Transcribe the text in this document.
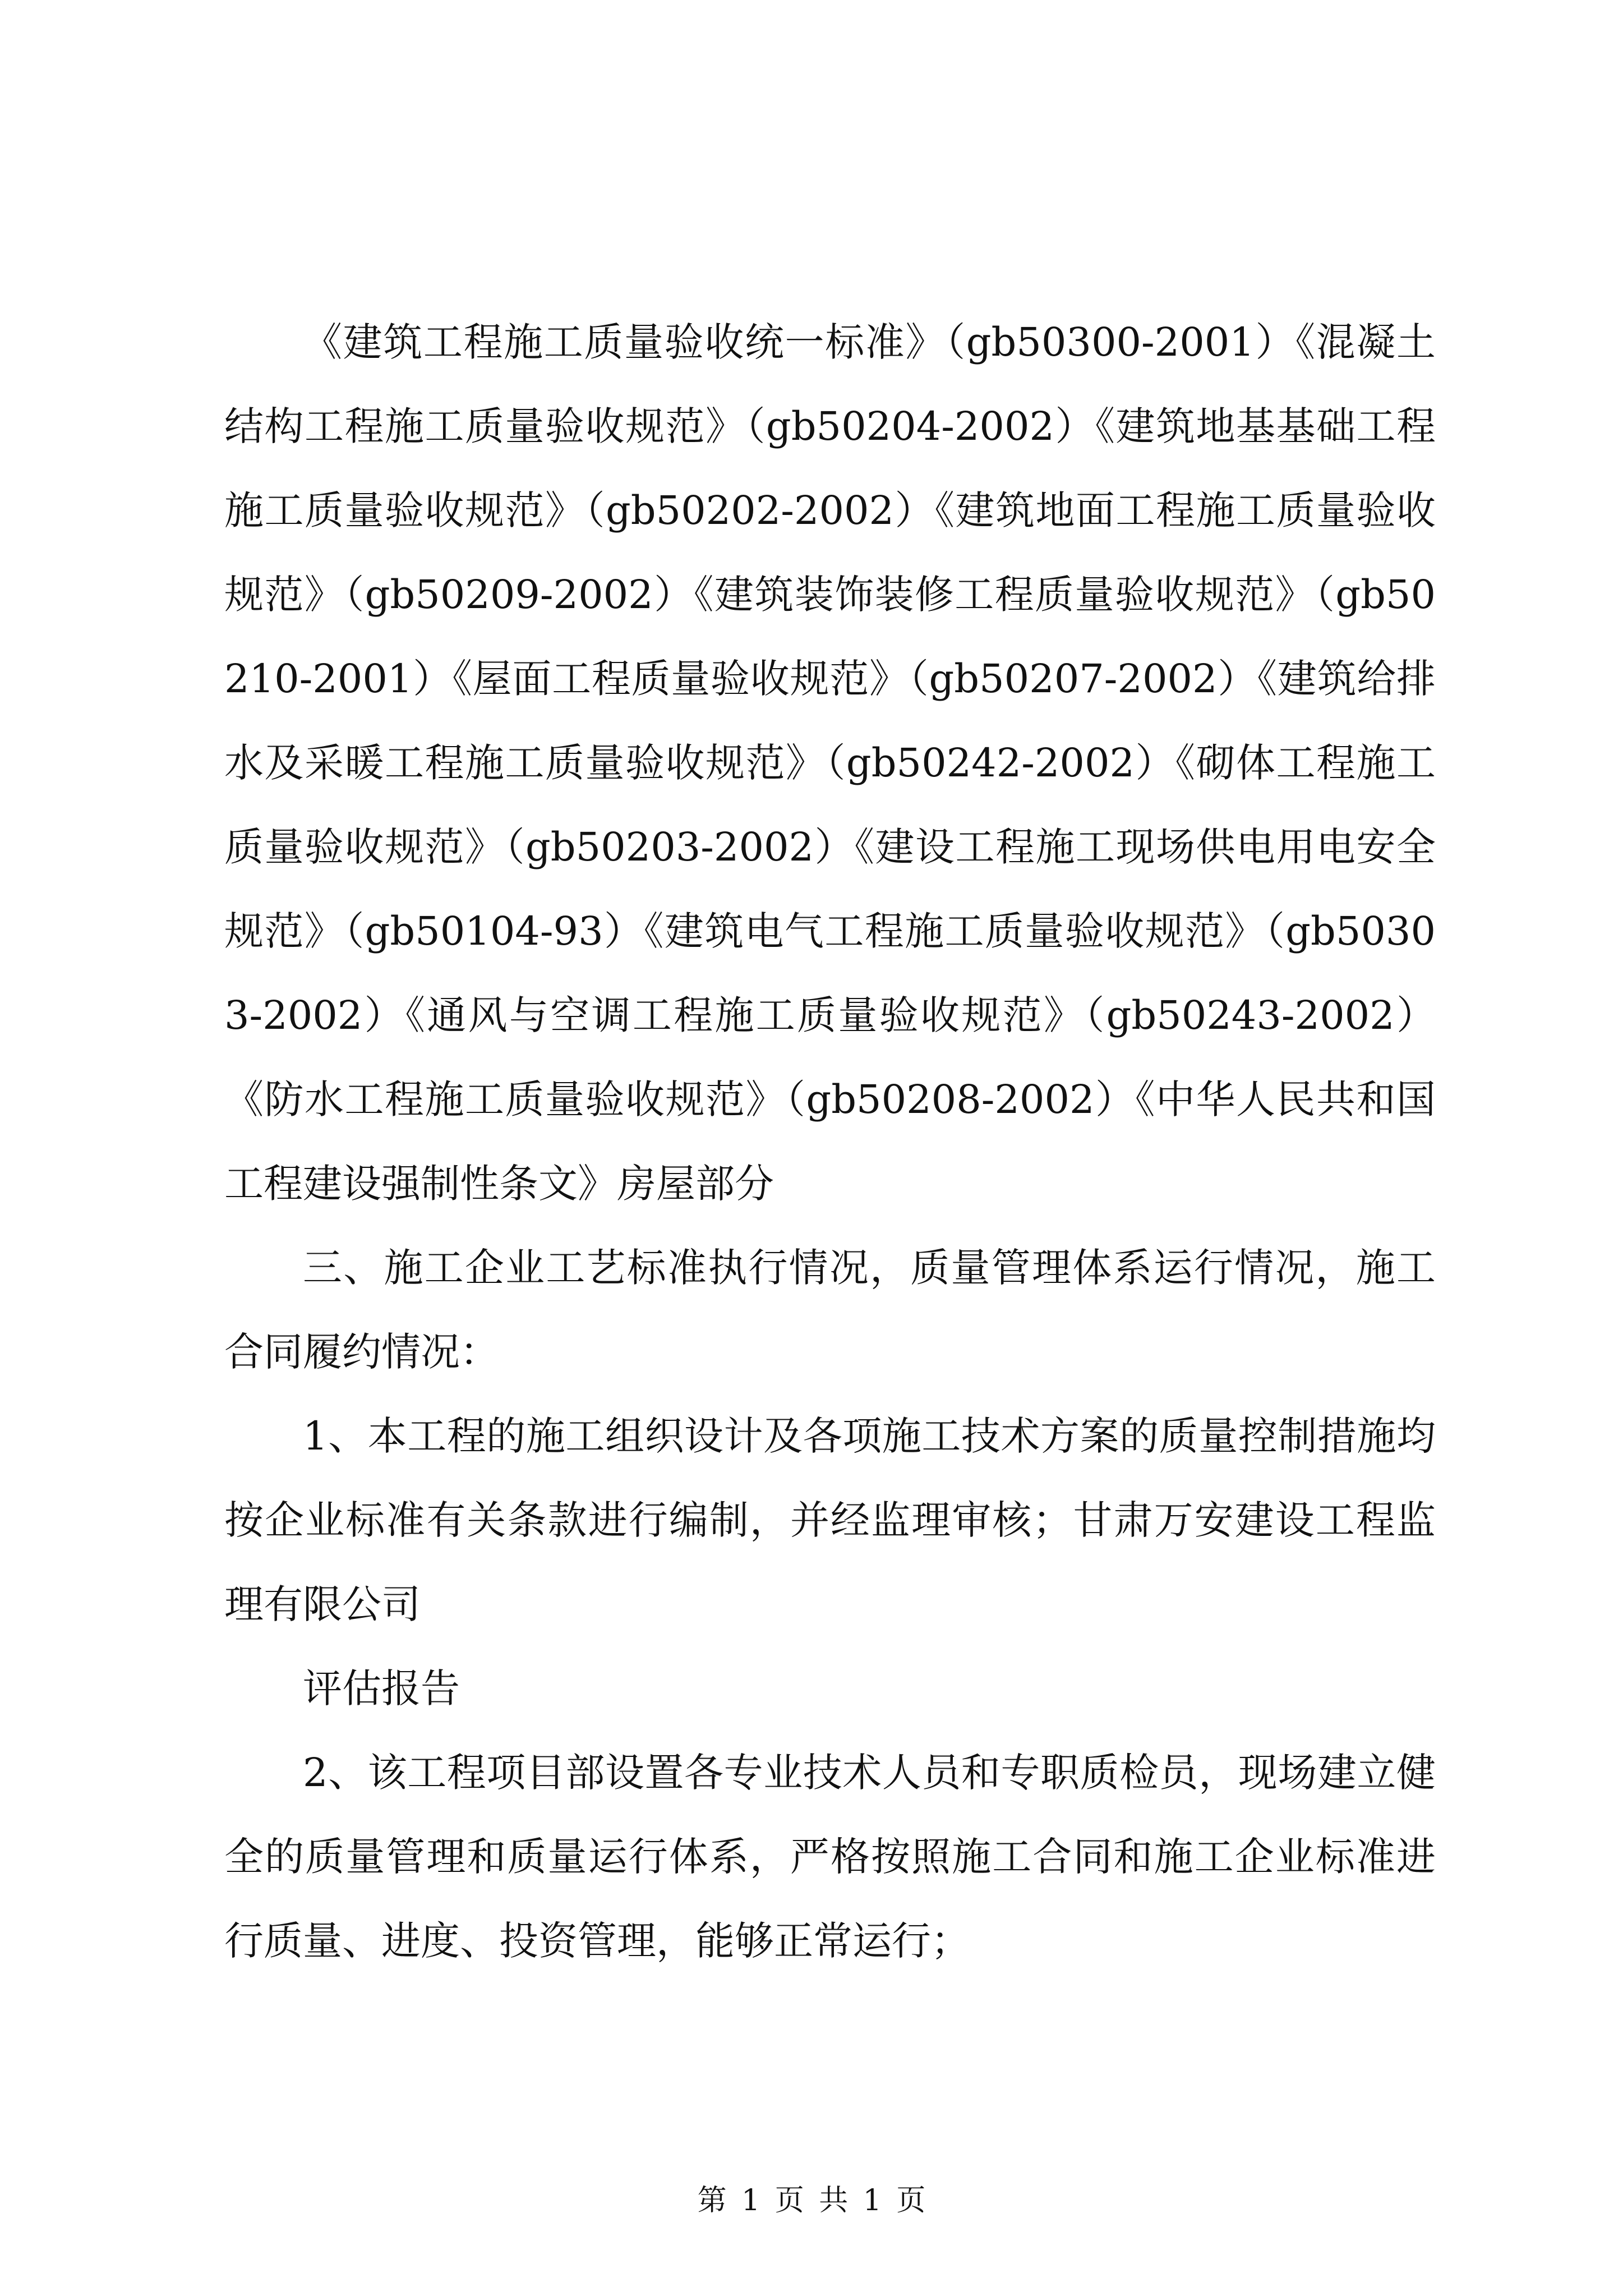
《建筑工程施工质量验收统一标准》（gb50300-2001）《混凝土结构工程施工质量验收规范》（gb50204-2002）《建筑地基基础工程施工质量验收规范》（gb50202-2002）《建筑地面工程施工质量验收规范》（gb50209-2002）《建筑装饰装修工程质量验收规范》（gb50210-2001）《屋面工程质量验收规范》（gb50207-2002）《建筑给排水及采暖工程施工质量验收规范》（gb50242-2002）《砌体工程施工质量验收规范》（gb50203-2002）《建设工程施工现场供电用电安全规范》（gb50104-93）《建筑电气工程施工质量验收规范》（gb50303-2002）《通风与空调工程施工质量验收规范》（gb50243-2002）《防水工程施工质量验收规范》（gb50208-2002）《中华人民共和国工程建设强制性条文》房屋部分

三、施工企业工艺标准执行情况，质量管理体系运行情况，施工合同履约情况：

1、本工程的施工组织设计及各项施工技术方案的质量控制措施均按企业标准有关条款进行编制，并经监理审核；甘肃万安建设工程监理有限公司

评估报告

2、该工程项目部设置各专业技术人员和专职质检员，现场建立健全的质量管理和质量运行体系，严格按照施工合同和施工企业标准进行质量、进度、投资管理，能够正常运行；

第 1 页 共 1 页
